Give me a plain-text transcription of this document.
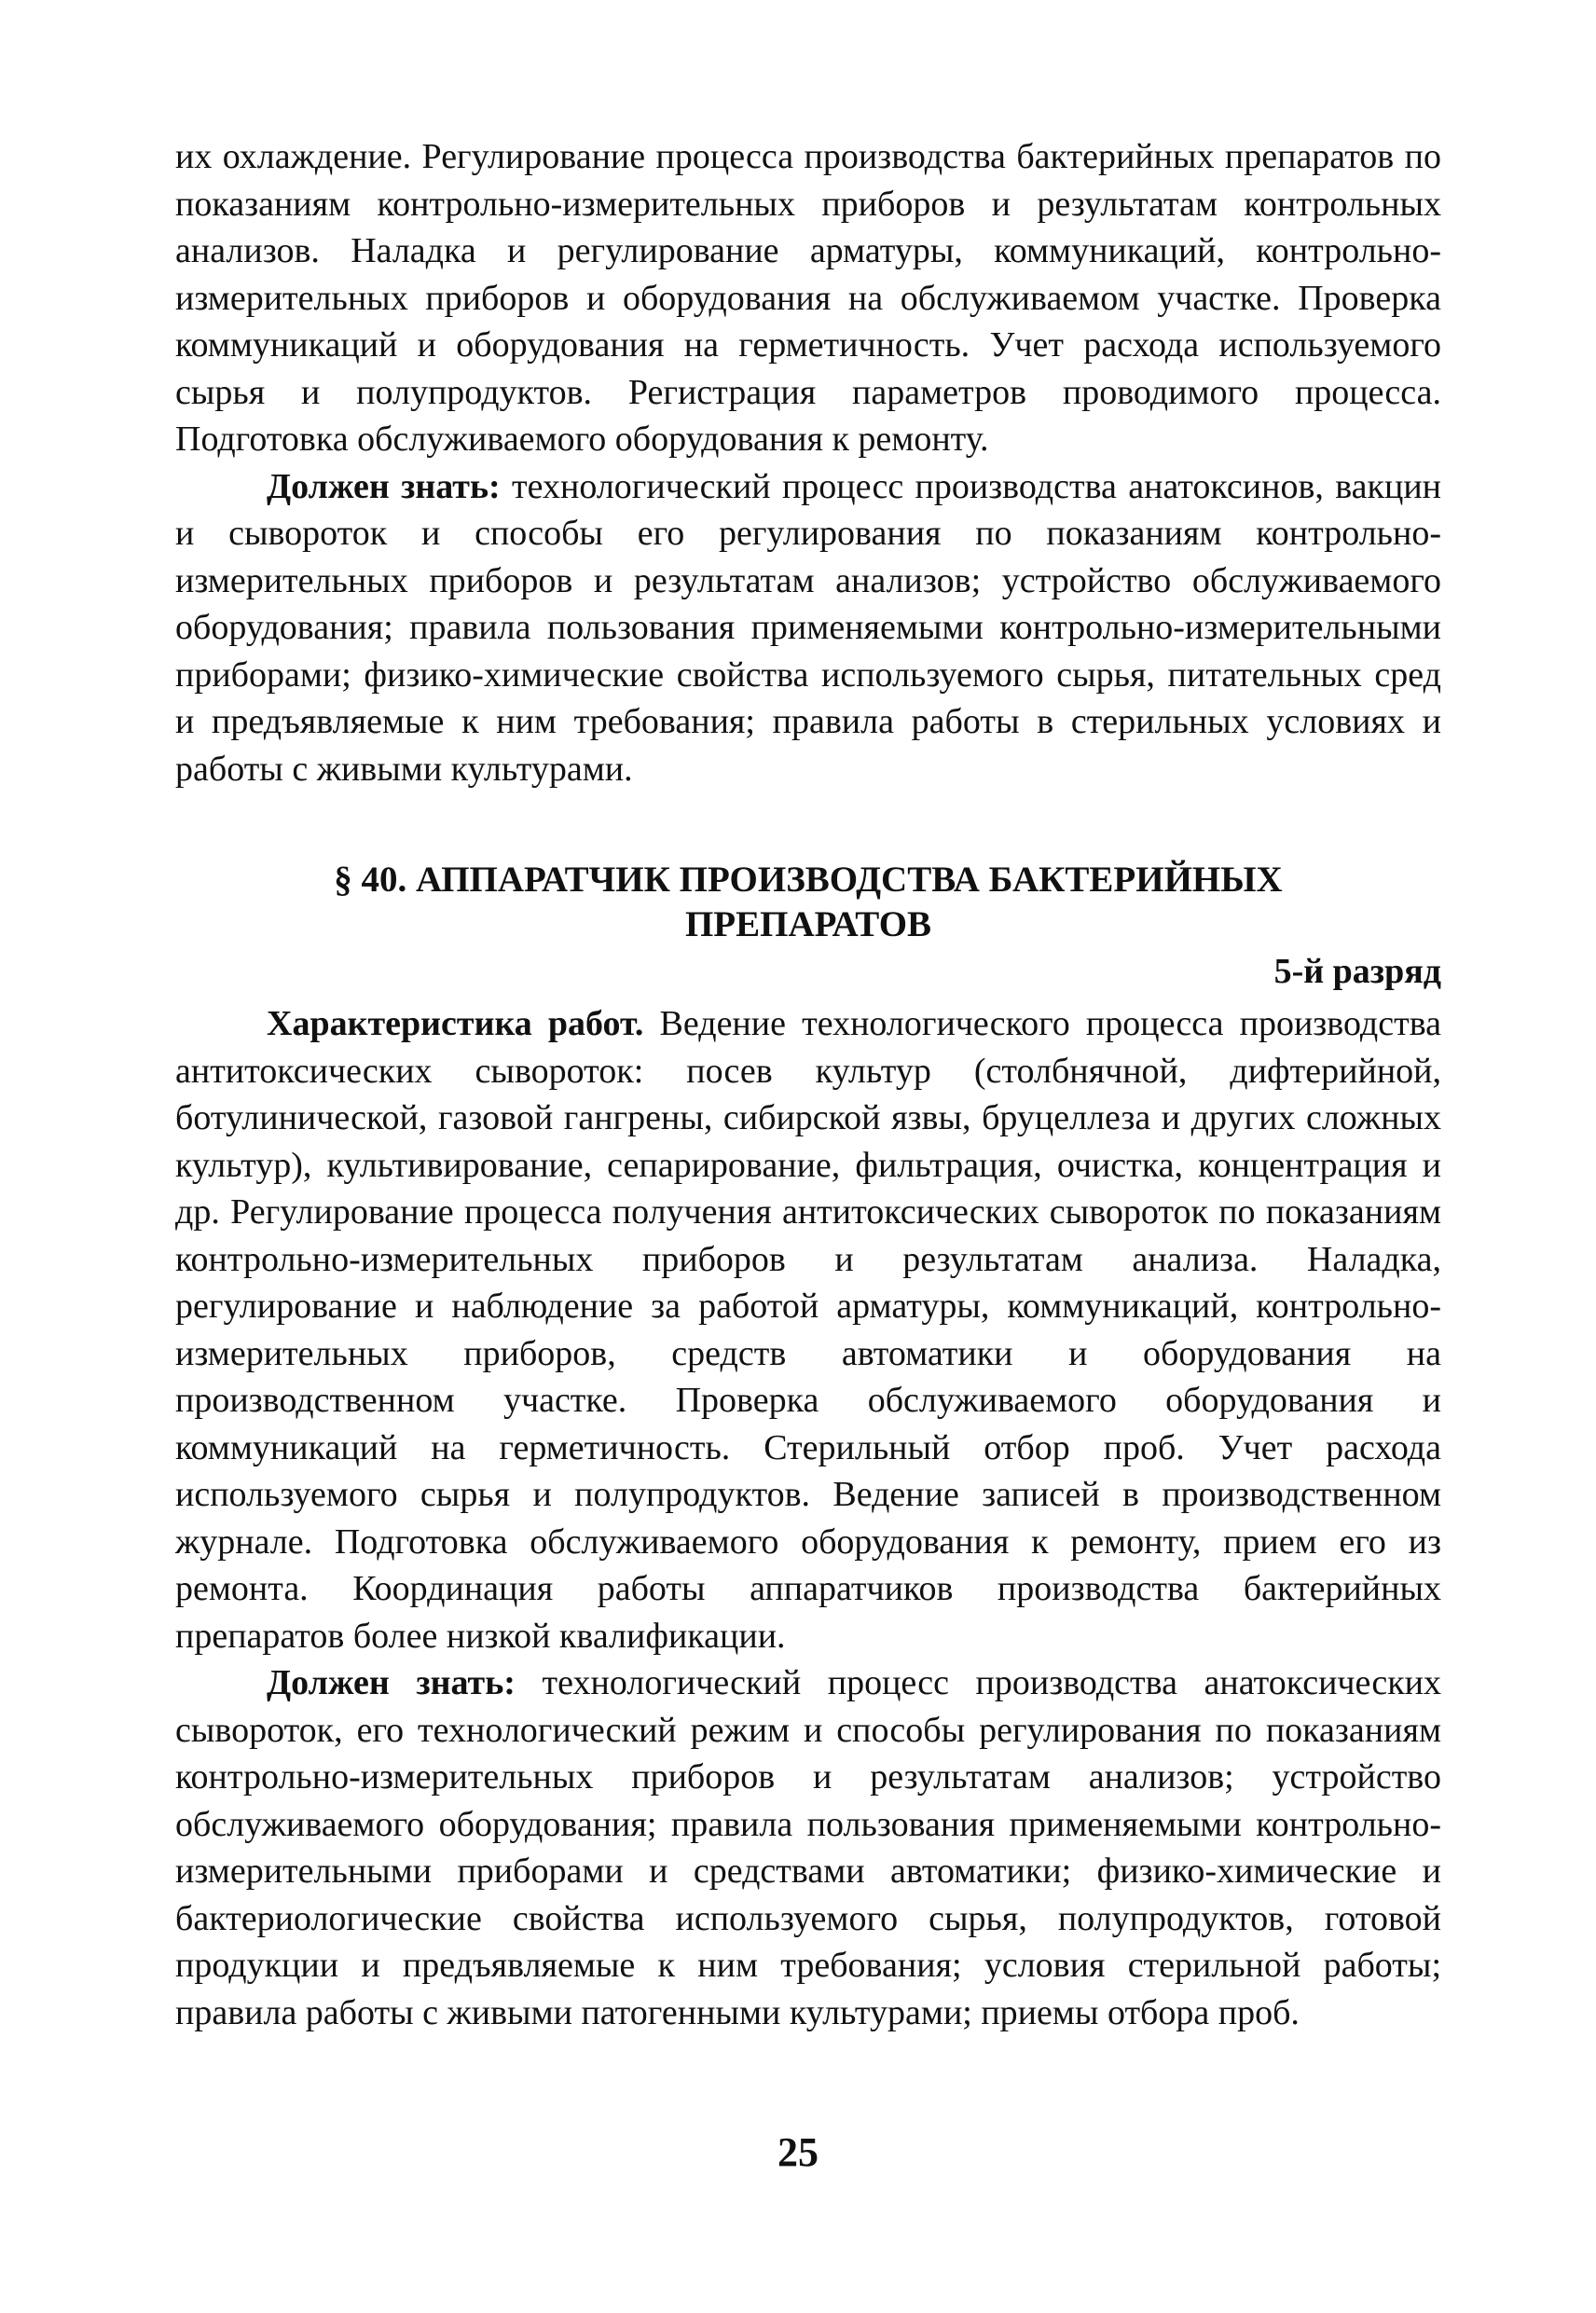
их охлаждение. Регулирование процесса производства бактерийных препаратов по показаниям контрольно-измерительных приборов и результатам контрольных анализов. Наладка и регулирование арматуры, коммуникаций, контрольно-измерительных приборов и оборудования на обслуживаемом участке. Проверка коммуникаций и оборудования на герметичность. Учет расхода используемого сырья и полупродуктов. Регистрация параметров проводимого процесса. Подготовка обслуживаемого оборудования к ремонту.

Должен знать: технологический процесс производства анатоксинов, вакцин и сывороток и способы его регулирования по показаниям контрольно-измерительных приборов и результатам анализов; устройство обслуживаемого оборудования; правила пользования применяемыми контрольно-измерительными приборами; физико-химические свойства используемого сырья, питательных сред и предъявляемые к ним требования; правила работы в стерильных условиях и работы с живыми культурами.

§ 40. АППАРАТЧИК ПРОИЗВОДСТВА БАКТЕРИЙНЫХ
ПРЕПАРАТОВ
5-й разряд

Характеристика работ. Ведение технологического процесса производства антитоксических сывороток: посев культур (столбнячной, дифтерийной, ботулинической, газовой гангрены, сибирской язвы, бруцеллеза и других сложных культур), культивирование, сепарирование, фильтрация, очистка, концентрация и др. Регулирование процесса получения антитоксических сывороток по показаниям контрольно-измерительных приборов и результатам анализа. Наладка, регулирование и наблюдение за работой арматуры, коммуникаций, контрольно-измерительных приборов, средств автоматики и оборудования на производственном участке. Проверка обслуживаемого оборудования и коммуникаций на герметичность. Стерильный отбор проб. Учет расхода используемого сырья и полупродуктов. Ведение записей в производственном журнале. Подготовка обслуживаемого оборудования к ремонту, прием его из ремонта. Координация работы аппаратчиков производства бактерийных препаратов более низкой квалификации.

Должен знать: технологический процесс производства анатоксических сывороток, его технологический режим и способы регулирования по показаниям контрольно-измерительных приборов и результатам анализов; устройство обслуживаемого оборудования; правила пользования применяемыми контрольно-измерительными приборами и средствами автоматики; физико-химические и бактериологические свойства используемого сырья, полупродуктов, готовой продукции и предъявляемые к ним требования; условия стерильной работы; правила работы с живыми патогенными культурами; приемы отбора проб.

25
